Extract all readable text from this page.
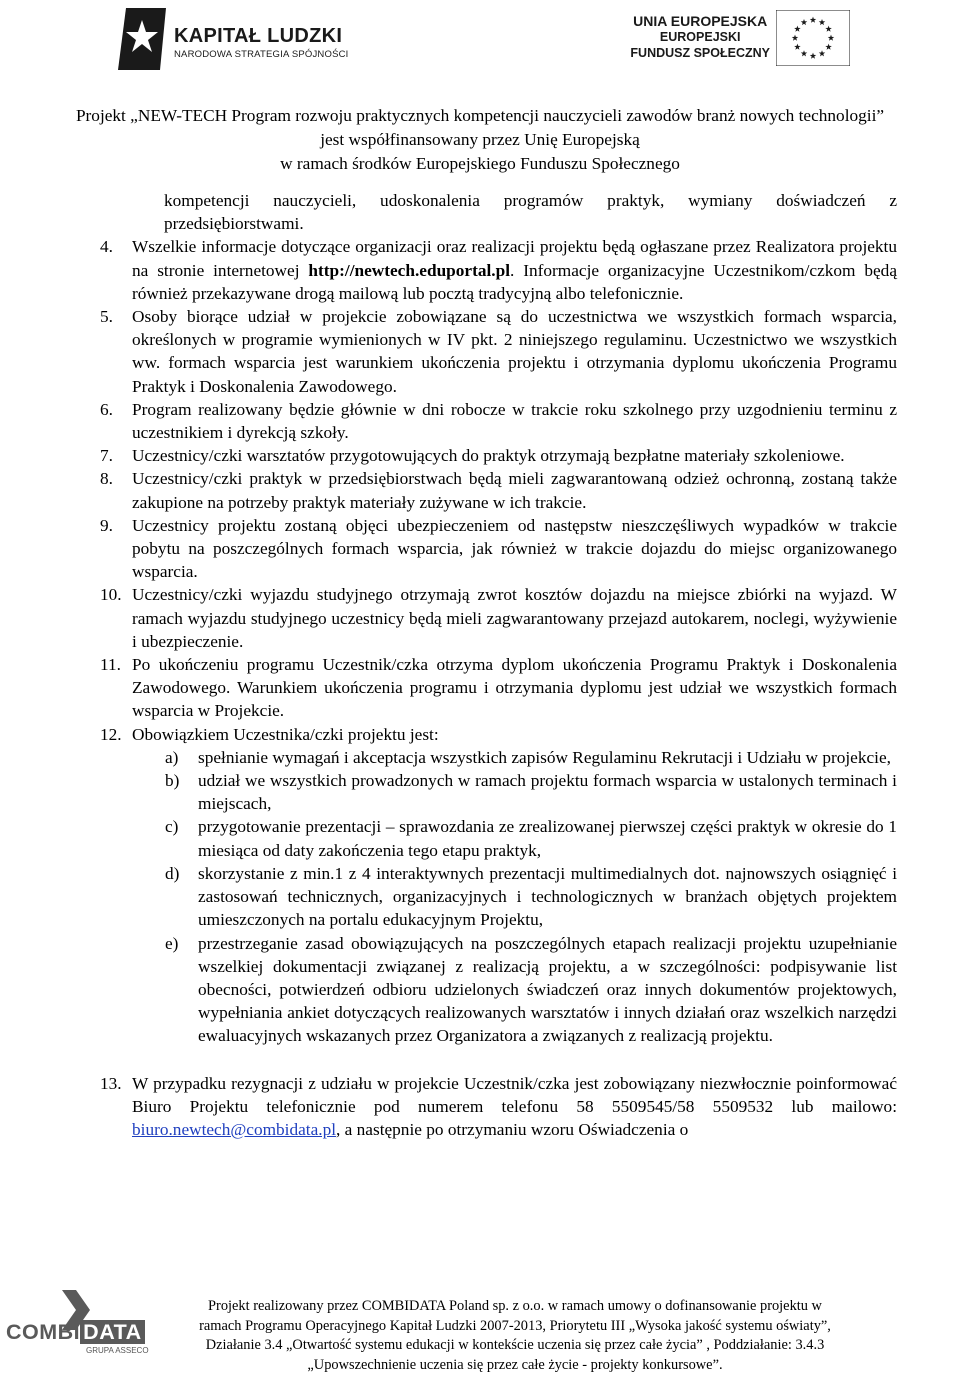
KAPITAŁ LUDZKI
NARODOWA STRATEGIA SPÓJNOŚCI
UNIA EUROPEJSKA
EUROPEJSKI
FUNDUSZ SPOŁECZNY
Projekt „NEW-TECH Program rozwoju praktycznych kompetencji nauczycieli zawodów branż nowych technologii”
jest współfinansowany przez Unię Europejską
w ramach środków Europejskiego Funduszu Społecznego
kompetencji nauczycieli, udoskonalenia programów praktyk, wymiany doświadczeń z przedsiębiorstwami.
4. Wszelkie informacje dotyczące organizacji oraz realizacji projektu będą ogłaszane przez Realizatora projektu na stronie internetowej http://newtech.eduportal.pl. Informacje organizacyjne Uczestnikom/czkom będą również przekazywane drogą mailową lub pocztą tradycyjną albo telefonicznie.
5. Osoby biorące udział w projekcie zobowiązane są do uczestnictwa we wszystkich formach wsparcia, określonych w programie wymienionych w IV pkt. 2 niniejszego regulaminu. Uczestnictwo we wszystkich ww. formach wsparcia jest warunkiem ukończenia projektu i otrzymania dyplomu ukończenia Programu Praktyk i Doskonalenia Zawodowego.
6. Program realizowany będzie głównie w dni robocze w trakcie roku szkolnego przy uzgodnieniu terminu z uczestnikiem i dyrekcją szkoły.
7. Uczestnicy/czki warsztatów przygotowujących do praktyk otrzymają bezpłatne materiały szkoleniowe.
8. Uczestnicy/czki praktyk w przedsiębiorstwach będą mieli zagwarantowaną odzież ochronną, zostaną także zakupione na potrzeby praktyk materiały zużywane w ich trakcie.
9. Uczestnicy projektu zostaną objęci ubezpieczeniem od następstw nieszczęśliwych wypadków w trakcie pobytu na poszczególnych formach wsparcia, jak również w trakcie dojazdu do miejsc organizowanego wsparcia.
10. Uczestnicy/czki wyjazdu studyjnego otrzymają zwrot kosztów dojazdu na miejsce zbiórki na wyjazd. W ramach wyjazdu studyjnego uczestnicy będą mieli zagwarantowany przejazd autokarem, noclegi, wyżywienie i ubezpieczenie.
11. Po ukończeniu programu Uczestnik/czka otrzyma dyplom ukończenia Programu Praktyk i Doskonalenia Zawodowego. Warunkiem ukończenia programu i otrzymania dyplomu jest udział we wszystkich formach wsparcia w Projekcie.
12. Obowiązkiem Uczestnika/czki projektu jest:
a) spełnianie wymagań i akceptacja wszystkich zapisów Regulaminu Rekrutacji i Udziału w projekcie,
b) udział we wszystkich prowadzonych w ramach projektu formach wsparcia w ustalonych terminach i miejscach,
c) przygotowanie prezentacji – sprawozdania ze zrealizowanej pierwszej części praktyk w okresie do 1 miesiąca od daty zakończenia tego etapu praktyk,
d) skorzystanie z min.1 z 4 interaktywnych prezentacji multimedialnych dot. najnowszych osiągnięć i zastosowań technicznych, organizacyjnych i technologicznych w branżach objętych projektem umieszczonych na portalu edukacyjnym Projektu,
e) przestrzeganie zasad obowiązujących na poszczególnych etapach realizacji projektu uzupełnianie wszelkiej dokumentacji związanej z realizacją projektu, a w szczególności: podpisywanie list obecności, potwierdzeń odbioru udzielonych świadczeń oraz innych dokumentów projektowych, wypełniania ankiet dotyczących realizowanych warsztatów i innych działań oraz wszelkich narzędzi ewaluacyjnych wskazanych przez Organizatora a związanych z realizacją projektu.
13. W przypadku rezygnacji z udziału w projekcie Uczestnik/czka jest zobowiązany niezwłocznie poinformować Biuro Projektu telefonicznie pod numerem telefonu 58 5509545/58 5509532 lub mailowo: biuro.newtech@combidata.pl, a następnie po otrzymaniu wzoru Oświadczenia o
COMBI DATA
GRUPA ASSECO
Projekt realizowany przez COMBIDATA Poland sp. z o.o. w ramach umowy o dofinansowanie projektu w
ramach Programu Operacyjnego Kapitał Ludzki 2007-2013, Priorytetu III „Wysoka jakość systemu oświaty”,
Działanie 3.4 „Otwartość systemu edukacji w kontekście uczenia się przez całe życia” , Poddziałanie: 3.4.3
„Upowszechnienie uczenia się przez całe życie - projekty konkursowe”.
